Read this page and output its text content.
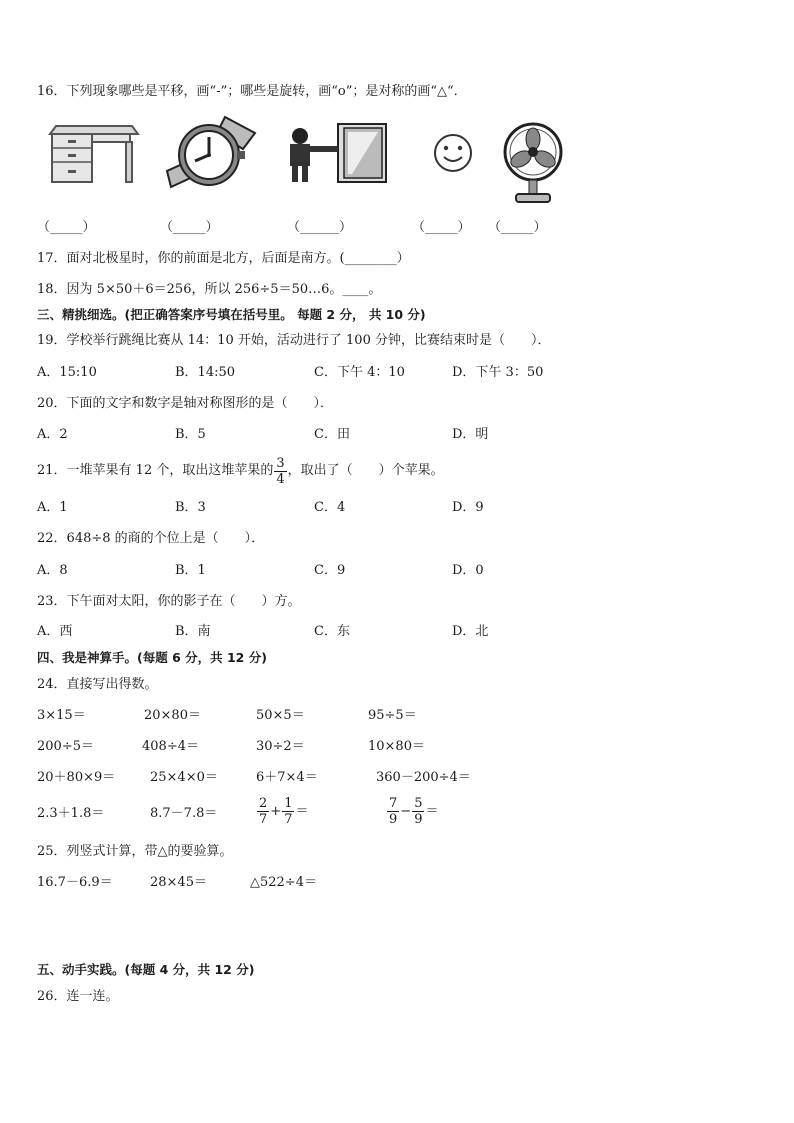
16．下列现象哪些是平移，画“-”；哪些是旋转，画“o”；是对称的画“△“．
（_____）	（_____）	（______）	（_____） （_____）
17．面对北极星时，你的前面是北方，后面是南方。(________）
18．因为 5×50＋6＝256，所以 256÷5＝50…6。____。
三、精挑细选。(把正确答案序号填在括号里。 每题 2 分， 共 10 分)
19．学校举行跳绳比赛从 14：10 开始，活动进行了 100 分钟，比赛结束时是（　　）．
A．15:10	B．14:50	C．下午 4：10	D．下午 3：50
20．下面的文字和数字是轴对称图形的是（　　）．
A．2	B．5	C．田	D．明
21．一堆苹果有 12 个，取出这堆苹果的 $\frac{3}{4}$ ，取出了（　　）个苹果。
A．1	B．3	C．4	D．9
22．648÷8 的商的个位上是（　　）．
A．8	B．1	C．9	D．0
23．下午面对太阳，你的影子在（　　）方。
A．西	B．南	C．东	D．北
四、我是神算手。(每题 6 分，共 12 分)
24．直接写出得数。
3×15＝	20×80＝	50×5＝	95÷5＝
200÷5＝	408÷4＝	30÷2＝	10×80＝
20＋80×9＝	25×4×0＝	6＋7×4＝	360－200÷4＝
2.3＋1.8＝	8.7－7.8＝	$\frac{2}{7} + \frac{1}{7}$ ＝	$\frac{7}{9} - \frac{5}{9}$ ＝
25．列竖式计算，带△的要验算。
16.7－6.9＝	28×45＝	△522÷4＝
五、动手实践。(每题 4 分，共 12 分)
26．连一连。
